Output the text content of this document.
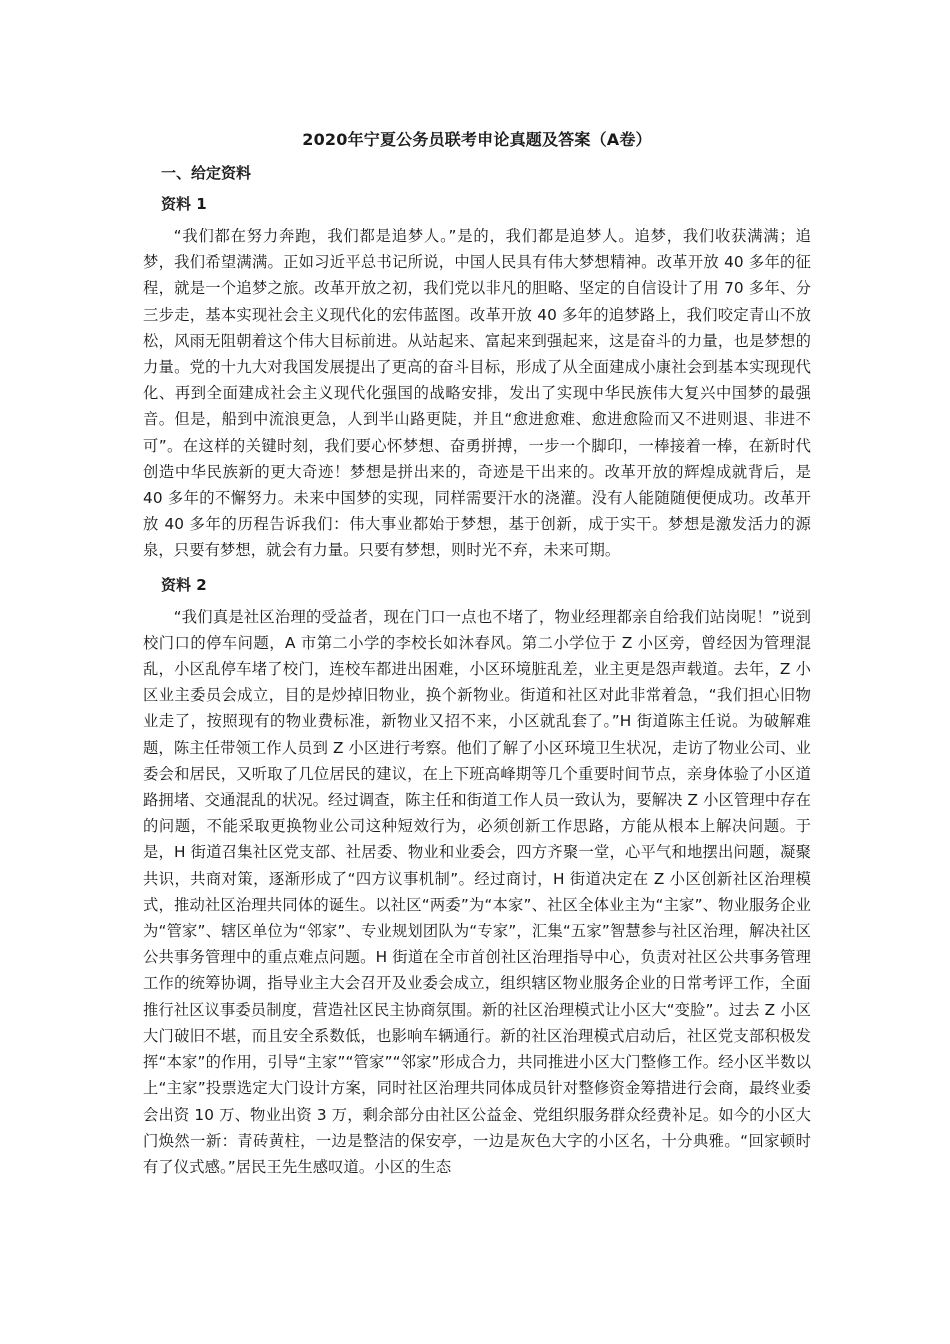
2020年宁夏公务员联考申论真题及答案（A卷）
一、给定资料
资料 1

“我们都在努力奔跑，我们都是追梦人。”是的，我们都是追梦人。追梦，我们收获满满；追梦，我们希望满满。正如习近平总书记所说，中国人民具有伟大梦想精神。改革开放 40 多年的征程，就是一个追梦之旅。改革开放之初，我们党以非凡的胆略、坚定的自信设计了用 70 多年、分三步走，基本实现社会主义现代化的宏伟蓝图。改革开放 40 多年的追梦路上，我们咬定青山不放松，风雨无阻朝着这个伟大目标前进。从站起来、富起来到强起来，这是奋斗的力量，也是梦想的力量。党的十九大对我国发展提出了更高的奋斗目标，形成了从全面建成小康社会到基本实现现代化、再到全面建成社会主义现代化强国的战略安排，发出了实现中华民族伟大复兴中国梦的最强音。但是，船到中流浪更急，人到半山路更陡，并且“愈进愈难、愈进愈险而又不进则退、非进不可”。在这样的关键时刻，我们要心怀梦想、奋勇拼搏，一步一个脚印，一棒接着一棒，在新时代创造中华民族新的更大奇迹！梦想是拼出来的，奇迹是干出来的。改革开放的辉煌成就背后，是 40 多年的不懈努力。未来中国梦的实现，同样需要汗水的浇灌。没有人能随随便便成功。改革开放 40 多年的历程告诉我们：伟大事业都始于梦想，基于创新，成于实干。梦想是激发活力的源泉，只要有梦想，就会有力量。只要有梦想，则时光不弃，未来可期。

资料 2

“我们真是社区治理的受益者，现在门口一点也不堵了，物业经理都亲自给我们站岗呢！”说到校门口的停车问题，A 市第二小学的李校长如沐春风。第二小学位于 Z 小区旁，曾经因为管理混乱，小区乱停车堵了校门，连校车都进出困难，小区环境脏乱差，业主更是怨声载道。去年，Z 小区业主委员会成立，目的是炒掉旧物业，换个新物业。街道和社区对此非常着急，“我们担心旧物业走了，按照现有的物业费标准，新物业又招不来，小区就乱套了。”H 街道陈主任说。为破解难题，陈主任带领工作人员到 Z 小区进行考察。他们了解了小区环境卫生状况，走访了物业公司、业委会和居民，又听取了几位居民的建议，在上下班高峰期等几个重要时间节点，亲身体验了小区道路拥堵、交通混乱的状况。经过调查，陈主任和街道工作人员一致认为，要解决 Z 小区管理中存在的问题，不能采取更换物业公司这种短效行为，必须创新工作思路，方能从根本上解决问题。于是，H 街道召集社区党支部、社居委、物业和业委会，四方齐聚一堂，心平气和地摆出问题，凝聚共识，共商对策，逐渐形成了“四方议事机制”。经过商讨，H 街道决定在 Z 小区创新社区治理模式，推动社区治理共同体的诞生。以社区“两委”为“本家”、社区全体业主为“主家”、物业服务企业为“管家”、辖区单位为“邻家”、专业规划团队为“专家”，汇集“五家”智慧参与社区治理，解决社区公共事务管理中的重点难点问题。H 街道在全市首创社区治理指导中心，负责对社区公共事务管理工作的统筹协调，指导业主大会召开及业委会成立，组织辖区物业服务企业的日常考评工作，全面推行社区议事委员制度，营造社区民主协商氛围。新的社区治理模式让小区大“变脸”。过去 Z 小区大门破旧不堪，而且安全系数低，也影响车辆通行。新的社区治理模式启动后，社区党支部积极发挥“本家”的作用，引导“主家”“管家”“邻家”形成合力，共同推进小区大门整修工作。经小区半数以上“主家”投票选定大门设计方案，同时社区治理共同体成员针对整修资金筹措进行会商，最终业委会出资 10 万、物业出资 3 万，剩余部分由社区公益金、党组织服务群众经费补足。如今的小区大门焕然一新：青砖黄柱，一边是整洁的保安亭，一边是灰色大字的小区名，十分典雅。“回家顿时有了仪式感。”居民王先生感叹道。小区的生态
